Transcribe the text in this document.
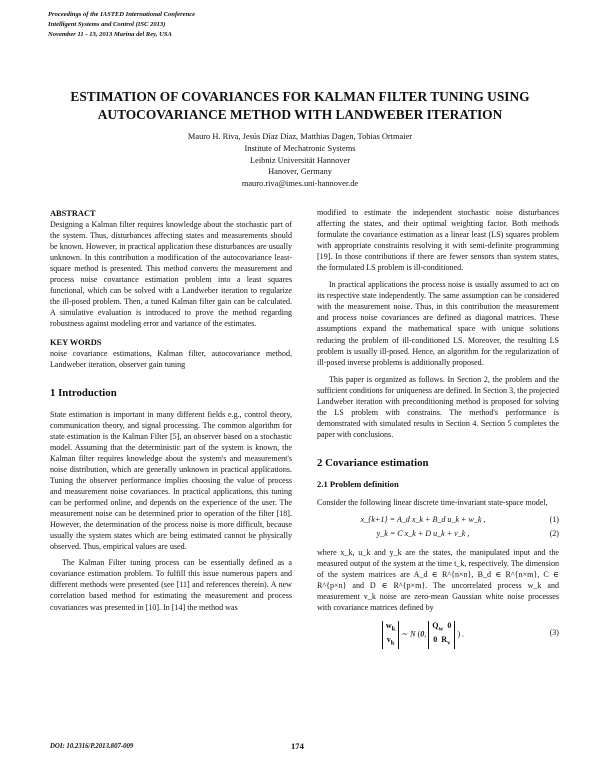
Proceedings of the IASTED International Conference
Intelligent Systems and Control (ISC 2013)
November 11 - 13, 2013 Marina del Rey, USA
ESTIMATION OF COVARIANCES FOR KALMAN FILTER TUNING USING
AUTOCOVARIANCE METHOD WITH LANDWEBER ITERATION
Mauro H. Riva, Jesús Díaz Díaz, Matthias Dagen, Tobias Ortmaier
Institute of Mechatronic Systems
Leibniz Universität Hannover
Hanover, Germany
mauro.riva@imes.uni-hannover.de
ABSTRACT

Designing a Kalman filter requires knowledge about the stochastic part of the system. Thus, disturbances affecting states and measurements should be known. However, in practical application these disturbances are usually unknown. In this contribution a modification of the autocovariance least-square method is presented. This method converts the measurement and process noise covariance estimation problem into a least squares functional, which can be solved with a Landweber iteration to regularize the ill-posed problem. Then, a tuned Kalman filter gain can be calculated. A simulative evaluation is introduced to prove the method regarding robustness against modeling error and variance of the estimates.

KEY WORDS

noise covariance estimations, Kalman filter, autocovariance method, Landweber iteration, observer gain tuning

1 Introduction

State estimation is important in many different fields e.g., control theory, communication theory, and signal processing. The common algorithm for state estimation is the Kalman Filter [5], an observer based on a stochastic model. Assuming that the deterministic part of the system is known, the Kalman filter requires knowledge about the system's and measurement's noise distribution, which are generally unknown in practical applications. Tuning the observer performance implies choosing the value of process and measurement noise covariances. In practical applications, this tuning can be performed online, and depends on the experience of the user. The measurement noise can be determined prior to operation of the filter [18]. However, the determination of the process noise is more difficult, because usually the system states which are being estimated cannot be physically observed. Thus, empirical values are used.

The Kalman Filter tuning process can be essentially defined as a covariance estimation problem. To fulfill this issue numerous papers and different methods were presented (see [11] and references therein). A new correlation based method for estimating the measurement and process covariances was presented in [10]. In [14] the method was

modified to estimate the independent stochastic noise disturbances affecting the states, and their optimal weighting factor. Both methods formulate the covariance estimation as a linear least (LS) squares problem with appropriate constraints resolving it with semi-definite programming [19]. In those contributions if there are fewer sensors than system states, the formulated LS problem is ill-conditioned.

In practical applications the process noise is usually assumed to act on its respective state independently. The same assumption can be considered with the measurement noise. Thus, in this contribution the measurement and process noise covariances are defined as diagonal matrices. These assumptions expand the mathematical space with unique solutions reducing the problem of ill-conditioned LS. Moreover, the resulting LS problem is usually ill-posed. Hence, an algorithm for the regularization of ill-posed inverse problems is additionally proposed.

This paper is organized as follows. In Section 2, the problem and the sufficient conditions for uniqueness are defined. In Section 3, the projected Landweber iteration with preconditioning method is proposed for solving the LS problem with constrains. The method's performance is demonstrated with simulated results in Section 4. Section 5 completes the paper with conclusions.

2 Covariance estimation
2.1 Problem definition

Consider the following linear discrete time-invariant state-space model,

x_{k+1} = A_d x_k + B_d u_k + w_k ,	(1)
y_k = C x_k + D u_k + v_k ,	(2)

where x_k, u_k and y_k are the states, the manipulated input and the measured output of the system at the time t_k, respectively. The dimension of the system matrices are A_d ∈ R^{n×n}, B_d ∈ R^{n×m}, C ∈ R^{p×n} and D ∈ R^{p×m}. The uncorrelated process w_k and measurement v_k noise are zero-mean Gaussian white noise processes with covariance matrices defined by

$w_k$
$v_k$ ∼ N (0, $Q_w$  0
0  $R_v$ ) .	(3)
DOI: 10.2316/P.2013.807-009	174
